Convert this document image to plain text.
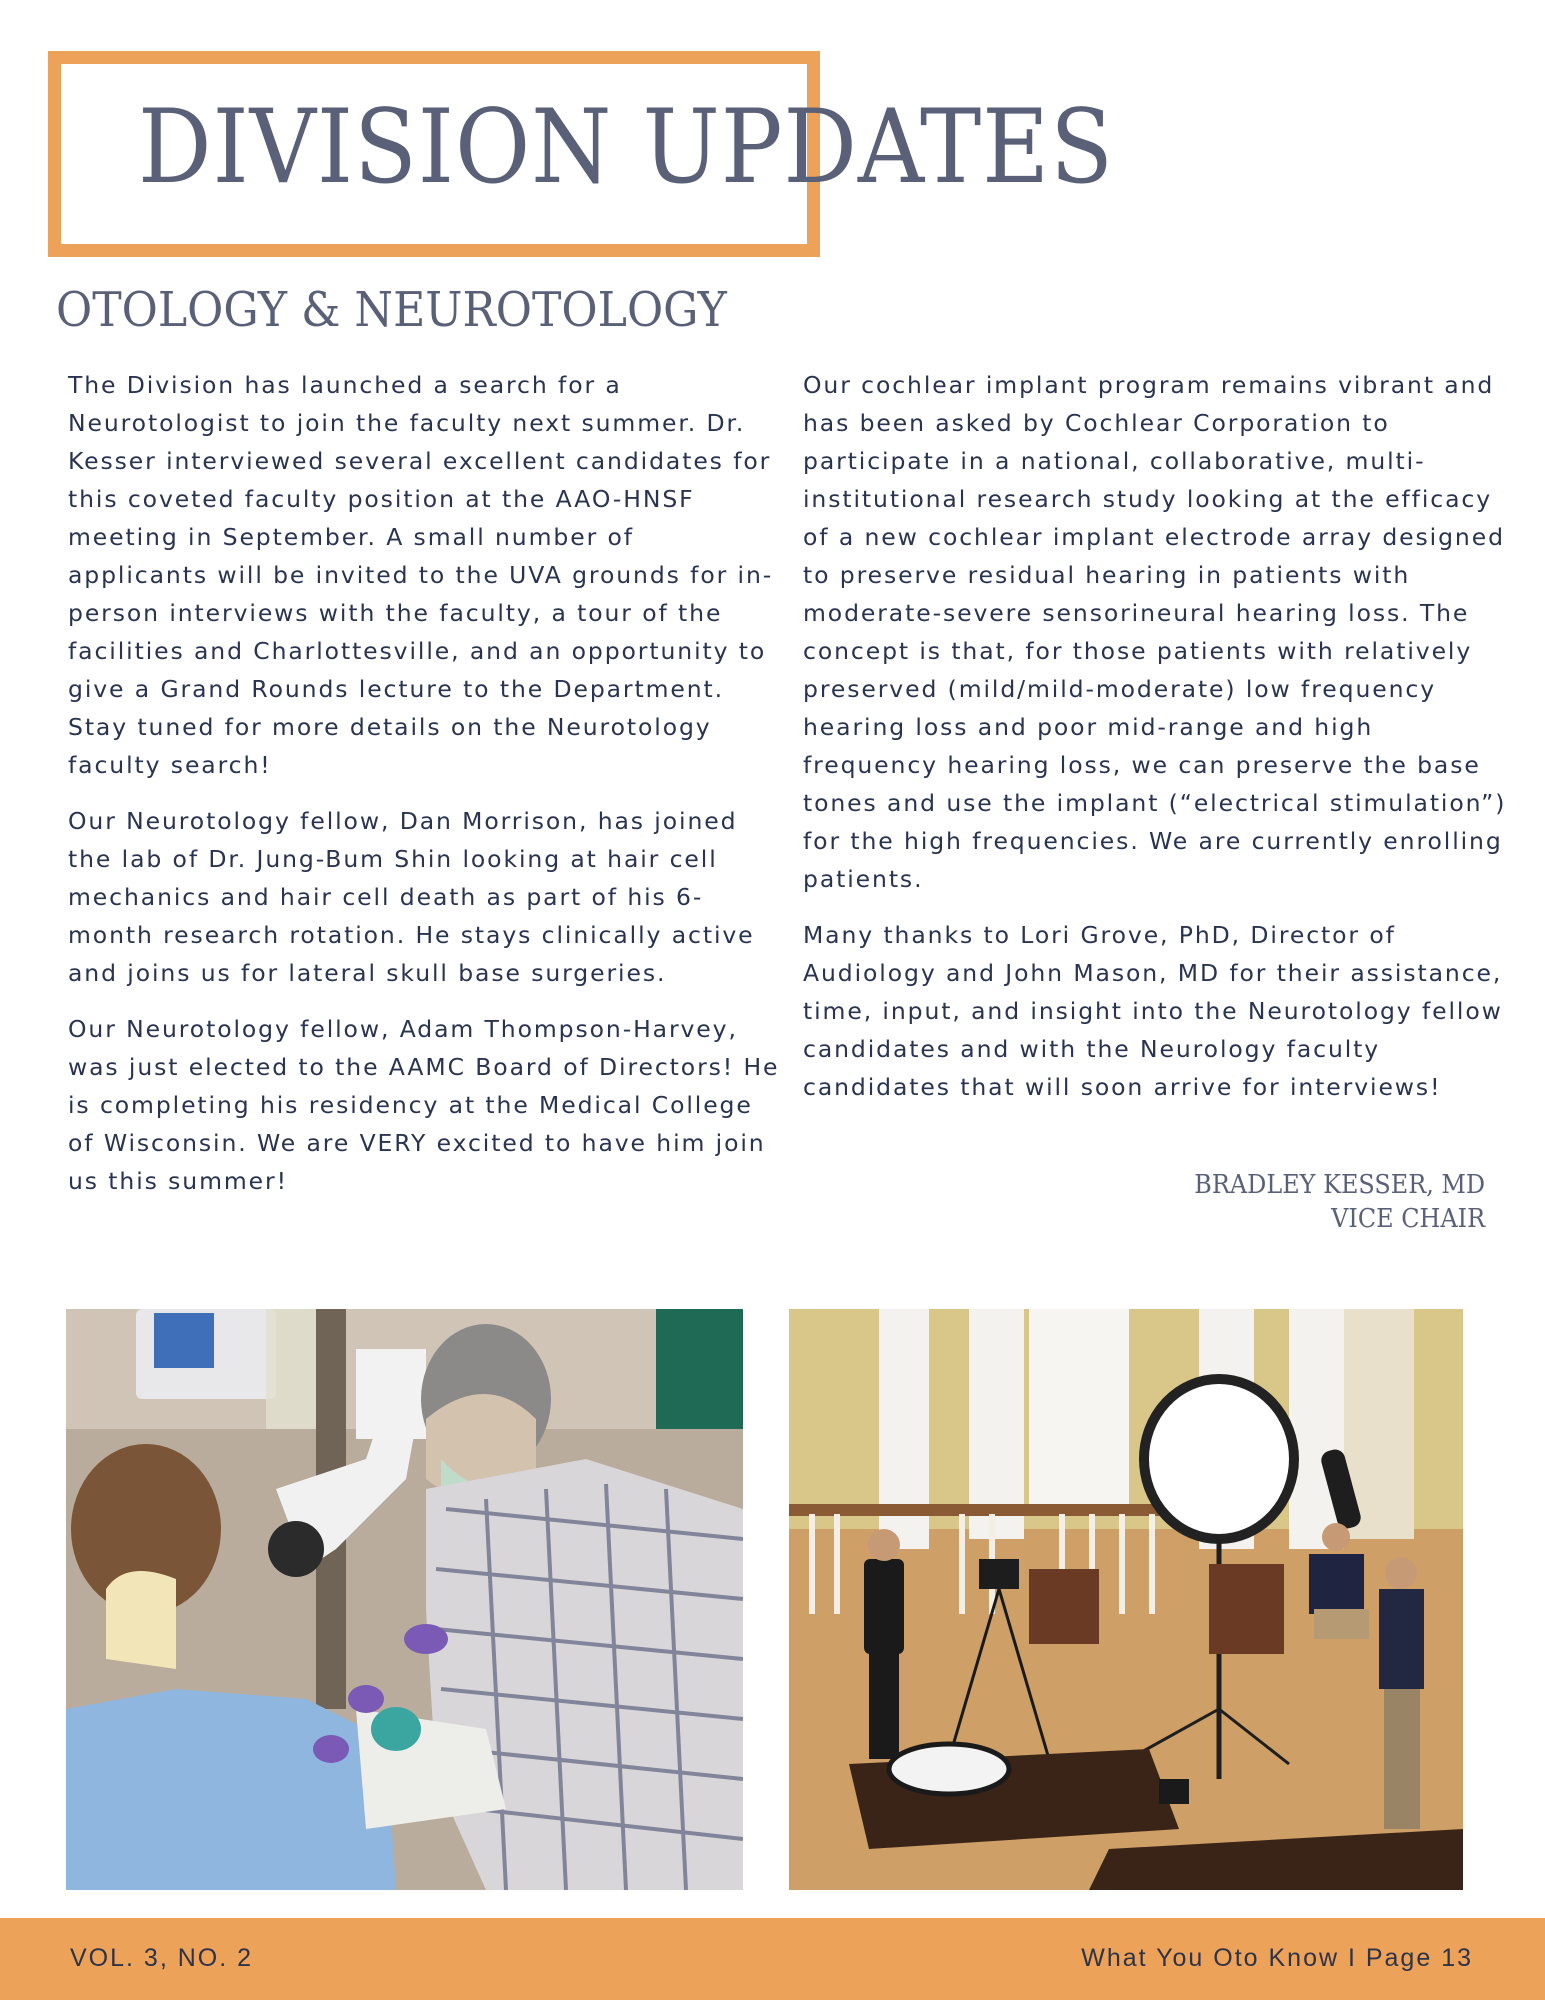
DIVISION UPDATES
OTOLOGY & NEUROTOLOGY

The Division has launched a search for a Neurotologist to join the faculty next summer. Dr. Kesser interviewed several excellent candidates for this coveted faculty position at the AAO-HNSF meeting in September. A small number of applicants will be invited to the UVA grounds for in-person interviews with the faculty, a tour of the facilities and Charlottesville, and an opportunity to give a Grand Rounds lecture to the Department. Stay tuned for more details on the Neurotology faculty search!

Our Neurotology fellow, Dan Morrison, has joined the lab of Dr. Jung-Bum Shin looking at hair cell mechanics and hair cell death as part of his 6-month research rotation. He stays clinically active and joins us for lateral skull base surgeries.

Our Neurotology fellow, Adam Thompson-Harvey, was just elected to the AAMC Board of Directors! He is completing his residency at the Medical College of Wisconsin. We are VERY excited to have him join us this summer!

Our cochlear implant program remains vibrant and has been asked by Cochlear Corporation to participate in a national, collaborative, multi-institutional research study looking at the efficacy of a new cochlear implant electrode array designed to preserve residual hearing in patients with moderate-severe sensorineural hearing loss. The concept is that, for those patients with relatively preserved (mild/mild-moderate) low frequency hearing loss and poor mid-range and high frequency hearing loss, we can preserve the base tones and use the implant (“electrical stimulation”) for the high frequencies. We are currently enrolling patients.

Many thanks to Lori Grove, PhD, Director of Audiology and John Mason, MD for their assistance, time, input, and insight into the Neurotology fellow candidates and with the Neurology faculty candidates that will soon arrive for interviews!

BRADLEY KESSER, MD
VICE CHAIR
VOL. 3, NO. 2	What You Oto Know I Page 13
